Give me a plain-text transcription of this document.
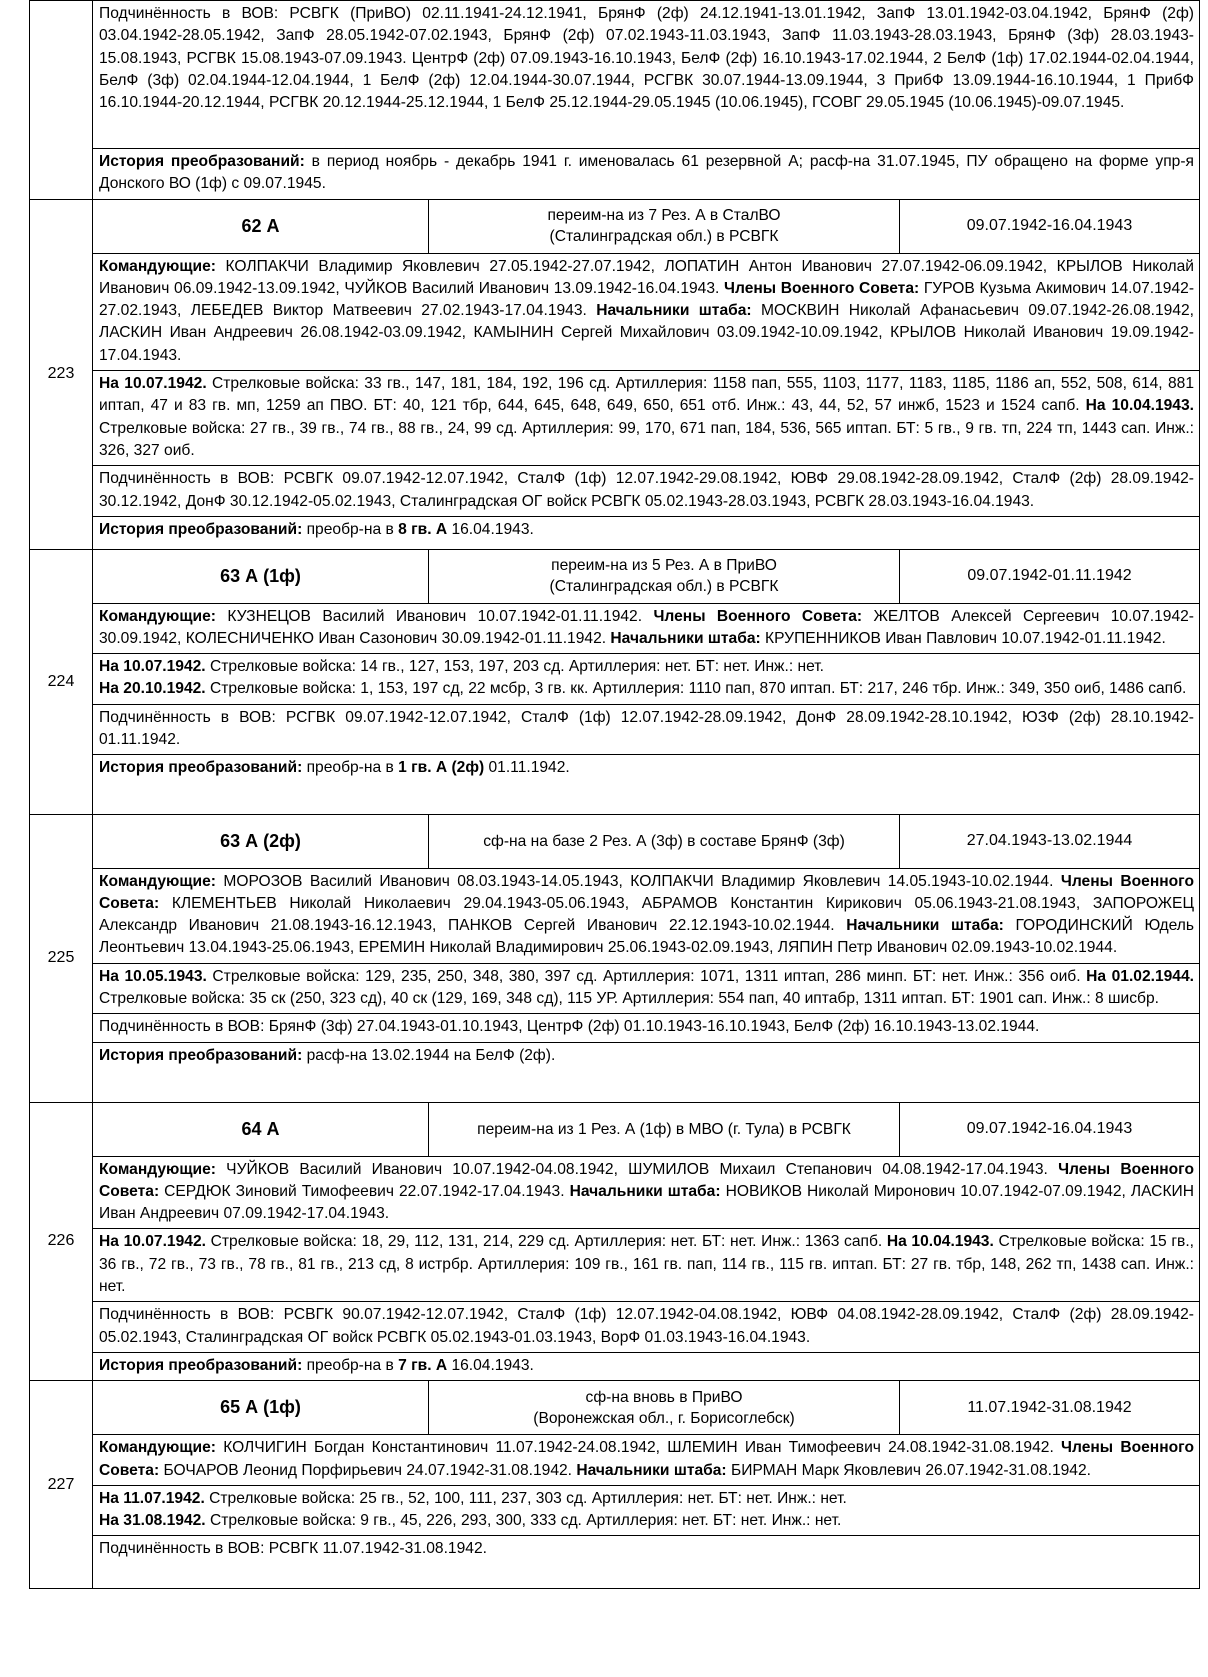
Подчинённость в ВОВ: РСВГК (ПриВО) 02.11.1941-24.12.1941, БрянФ (2ф) 24.12.1941-13.01.1942, ЗапФ 13.01.1942-03.04.1942, БрянФ (2ф) 03.04.1942-28.05.1942, ЗапФ 28.05.1942-07.02.1943, БрянФ (2ф) 07.02.1943-11.03.1943, ЗапФ 11.03.1943-28.03.1943, БрянФ (3ф) 28.03.1943-15.08.1943, РСГВК 15.08.1943-07.09.1943. ЦентрФ (2ф) 07.09.1943-16.10.1943, БелФ (2ф) 16.10.1943-17.02.1944, 2 БелФ (1ф) 17.02.1944-02.04.1944, БелФ (3ф) 02.04.1944-12.04.1944, 1 БелФ (2ф) 12.04.1944-30.07.1944, РСГВК 30.07.1944-13.09.1944, 3 ПрибФ 13.09.1944-16.10.1944, 1 ПрибФ 16.10.1944-20.12.1944, РСГВК 20.12.1944-25.12.1944, 1 БелФ 25.12.1944-29.05.1945 (10.06.1945), ГСОВГ 29.05.1945 (10.06.1945)-09.07.1945.
История преобразований: в период ноябрь - декабрь 1941 г. именовалась 61 резервной А; расф-на 31.07.1945, ПУ обращено на форме упр-я Донского ВО (1ф) с 09.07.1945.

223	
62 А	переим-на из 7 Рез. А в СталВО
(Сталинградская обл.) в РСВГК
	09.07.1942-16.04.1943
Командующие: КОЛПАКЧИ Владимир Яковлевич 27.05.1942-27.07.1942, ЛОПАТИН Антон Иванович 27.07.1942-06.09.1942, КРЫЛОВ Николай Иванович 06.09.1942-13.09.1942, ЧУЙКОВ Василий Иванович 13.09.1942-16.04.1943. Члены Военного Совета: ГУРОВ Кузьма Акимович 14.07.1942-27.02.1943, ЛЕБЕДЕВ Виктор Матвеевич 27.02.1943-17.04.1943. Начальники штаба: МОСКВИН Николай Афанасьевич 09.07.1942-26.08.1942, ЛАСКИН Иван Андреевич 26.08.1942-03.09.1942, КАМЫНИН Сергей Михайлович 03.09.1942-10.09.1942, КРЫЛОВ Николай Иванович 19.09.1942-17.04.1943.
На 10.07.1942. Стрелковые войска: 33 гв., 147, 181, 184, 192, 196 сд. Артиллерия: 1158 пап, 555, 1103, 1177, 1183, 1185, 1186 ап, 552, 508, 614, 881 иптап, 47 и 83 гв. мп, 1259 ап ПВО. БТ: 40, 121 тбр, 644, 645, 648, 649, 650, 651 отб. Инж.: 43, 44, 52, 57 инжб, 1523 и 1524 сапб. На 10.04.1943. Стрелковые войска: 27 гв., 39 гв., 74 гв., 88 гв., 24, 99 сд. Артиллерия: 99, 170, 671 пап, 184, 536, 565 иптап. БТ: 5 гв., 9 гв. тп, 224 тп, 1443 сап. Инж.: 326, 327 оиб.
Подчинённость в ВОВ: РСВГК 09.07.1942-12.07.1942, СталФ (1ф) 12.07.1942-29.08.1942, ЮВФ 29.08.1942-28.09.1942, СталФ (2ф) 28.09.1942-30.12.1942, ДонФ 30.12.1942-05.02.1943, Сталинградская ОГ войск РСВГК 05.02.1943-28.03.1943, РСВГК 28.03.1943-16.04.1943.
История преобразований: преобр-на в 8 гв. А 16.04.1943.

224	
63 А (1ф)	переим-на из 5 Рез. А в ПриВО
(Сталинградская обл.) в РСВГК
	09.07.1942-01.11.1942
Командующие: КУЗНЕЦОВ Василий Иванович 10.07.1942-01.11.1942. Члены Военного Совета: ЖЕЛТОВ Алексей Сергеевич 10.07.1942-30.09.1942, КОЛЕСНИЧЕНКО Иван Сазонович 30.09.1942-01.11.1942. Начальники штаба: КРУПЕННИКОВ Иван Павлович 10.07.1942-01.11.1942.
На 10.07.1942. Стрелковые войска: 14 гв., 127, 153, 197, 203 сд. Артиллерия: нет. БТ: нет. Инж.: нет.
На 20.10.1942. Стрелковые войска: 1, 153, 197 сд, 22 мсбр, 3 гв. кк. Артиллерия: 1110 пап, 870 иптап. БТ: 217, 246 тбр. Инж.: 349, 350 оиб, 1486 сапб.
Подчинённость в ВОВ: РСГВК 09.07.1942-12.07.1942, СталФ (1ф) 12.07.1942-28.09.1942, ДонФ 28.09.1942-28.10.1942, ЮЗФ (2ф) 28.10.1942-01.11.1942.
История преобразований: преобр-на в 1 гв. А (2ф) 01.11.1942.

225	
63 А (2ф)	сф-на на базе 2 Рез. А (3ф) в составе БрянФ (3ф)	27.04.1943-13.02.1944
Командующие: МОРОЗОВ Василий Иванович 08.03.1943-14.05.1943, КОЛПАКЧИ Владимир Яковлевич 14.05.1943-10.02.1944. Члены Военного Совета: КЛЕМЕНТЬЕВ Николай Николаевич 29.04.1943-05.06.1943, АБРАМОВ Константин Кирикович 05.06.1943-21.08.1943, ЗАПОРОЖЕЦ Александр Иванович 21.08.1943-16.12.1943, ПАНКОВ Сергей Иванович 22.12.1943-10.02.1944. Начальники штаба: ГОРОДИНСКИЙ Юдель Леонтьевич 13.04.1943-25.06.1943, ЕРЕМИН Николай Владимирович 25.06.1943-02.09.1943, ЛЯПИН Петр Иванович 02.09.1943-10.02.1944.
На 10.05.1943. Стрелковые войска: 129, 235, 250, 348, 380, 397 сд. Артиллерия: 1071, 1311 иптап, 286 минп. БТ: нет. Инж.: 356 оиб. На 01.02.1944. Стрелковые войска: 35 ск (250, 323 сд), 40 ск (129, 169, 348 сд), 115 УР. Артиллерия: 554 пап, 40 иптабр, 1311 иптап. БТ: 1901 сап. Инж.: 8 шисбр.
Подчинённость в ВОВ: БрянФ (3ф) 27.04.1943-01.10.1943, ЦентрФ (2ф) 01.10.1943-16.10.1943, БелФ (2ф) 16.10.1943-13.02.1944.
История преобразований: расф-на 13.02.1944 на БелФ (2ф).

226	
64 А	переим-на из 1 Рез. А (1ф) в МВО (г. Тула) в РСВГК	09.07.1942-16.04.1943
Командующие: ЧУЙКОВ Василий Иванович 10.07.1942-04.08.1942, ШУМИЛОВ Михаил Степанович 04.08.1942-17.04.1943. Члены Военного Совета: СЕРДЮК Зиновий Тимофеевич 22.07.1942-17.04.1943. Начальники штаба: НОВИКОВ Николай Миронович 10.07.1942-07.09.1942, ЛАСКИН Иван Андреевич 07.09.1942-17.04.1943.
На 10.07.1942. Стрелковые войска: 18, 29, 112, 131, 214, 229 сд. Артиллерия: нет. БТ: нет. Инж.: 1363 сапб. На 10.04.1943. Стрелковые войска: 15 гв., 36 гв., 72 гв., 73 гв., 78 гв., 81 гв., 213 сд, 8 истрбр. Артиллерия: 109 гв., 161 гв. пап, 114 гв., 115 гв. иптап. БТ: 27 гв. тбр, 148, 262 тп, 1438 сап. Инж.: нет.
Подчинённость в ВОВ: РСВГК 90.07.1942-12.07.1942, СталФ (1ф) 12.07.1942-04.08.1942, ЮВФ 04.08.1942-28.09.1942, СталФ (2ф) 28.09.1942-05.02.1943, Сталинградская ОГ войск РСВГК 05.02.1943-01.03.1943, ВорФ 01.03.1943-16.04.1943.
История преобразований: преобр-на в 7 гв. А 16.04.1943.

227	
65 А (1ф)	сф-на вновь в ПриВО
(Воронежская обл., г. Борисоглебск)
	11.07.1942-31.08.1942
Командующие: КОЛЧИГИН Богдан Константинович 11.07.1942-24.08.1942, ШЛЕМИН Иван Тимофеевич 24.08.1942-31.08.1942. Члены Военного Совета: БОЧАРОВ Леонид Порфирьевич 24.07.1942-31.08.1942. Начальники штаба: БИРМАН Марк Яковлевич 26.07.1942-31.08.1942.
На 11.07.1942. Стрелковые войска: 25 гв., 52, 100, 111, 237, 303 сд. Артиллерия: нет. БТ: нет. Инж.: нет.
На 31.08.1942. Стрелковые войска: 9 гв., 45, 226, 293, 300, 333 сд. Артиллерия: нет. БТ: нет. Инж.: нет.
Подчинённость в ВОВ: РСВГК 11.07.1942-31.08.1942.
